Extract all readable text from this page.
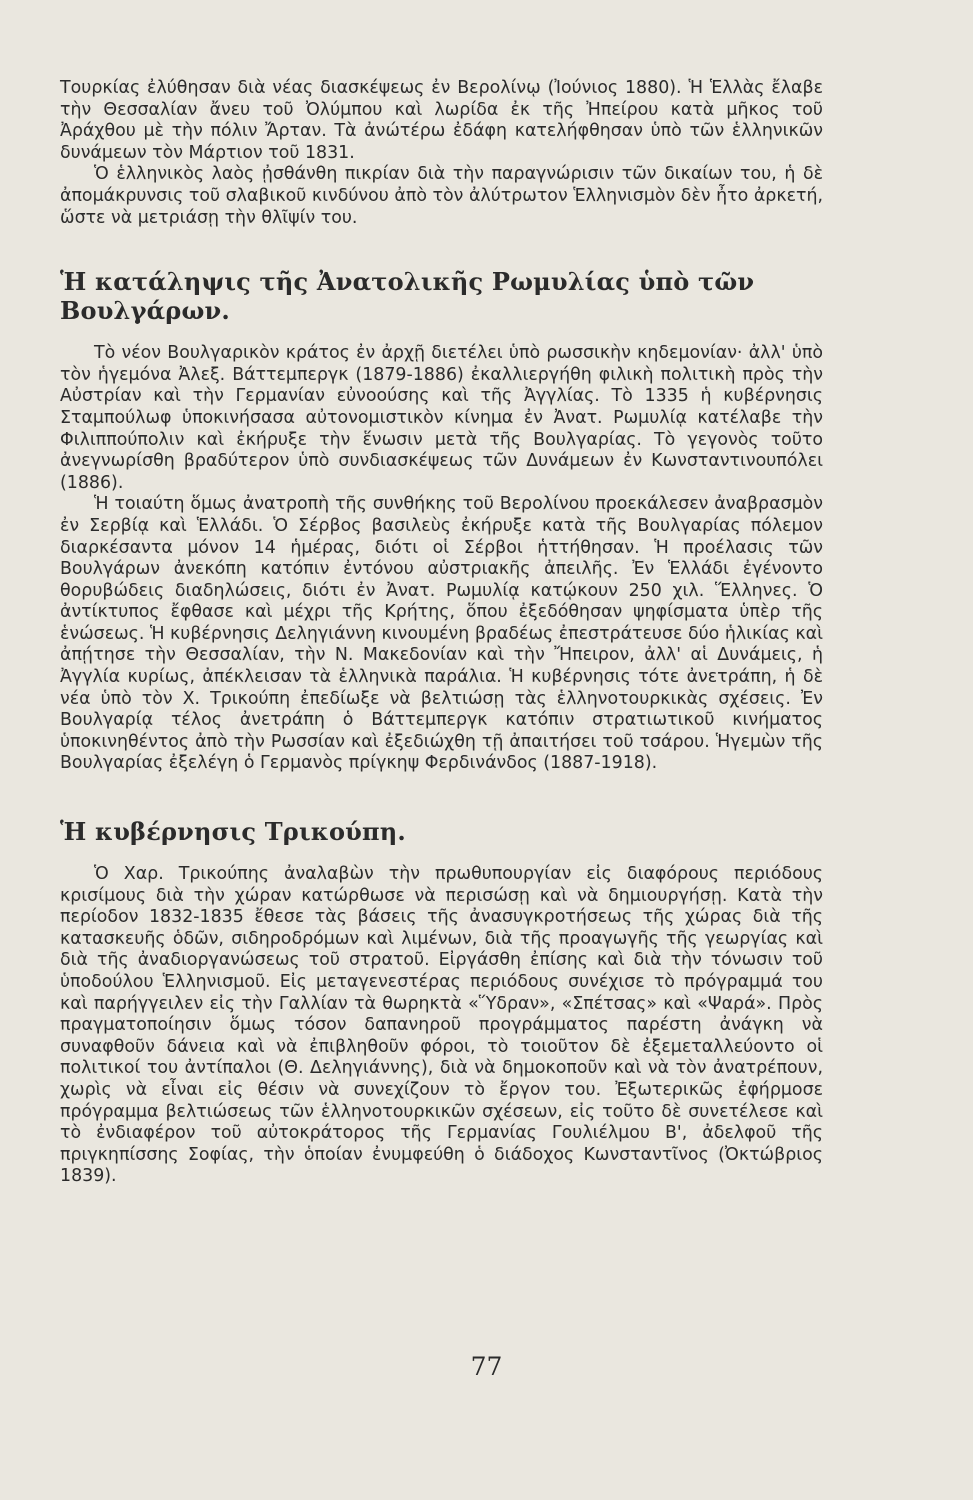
Τουρκίας ἐλύθησαν διὰ νέας διασκέψεως ἐν Βερολίνῳ (Ἰούνιος 1880). Ἡ Ἑλλὰς ἔλαβε τὴν Θεσσαλίαν ἄνευ τοῦ Ὀλύμπου καὶ λωρίδα ἐκ τῆς Ἠπείρου κατὰ μῆκος τοῦ Ἀράχθου μὲ τὴν πόλιν Ἄρταν. Τὰ ἀνώτέρω ἐδάφη κατελήφθησαν ὑπὸ τῶν ἑλληνικῶν δυνάμεων τὸν Μάρτιον τοῦ 1831.

Ὁ ἑλληνικὸς λαὸς ᾐσθάνθη πικρίαν διὰ τὴν παραγνώρισιν τῶν δικαίων του, ἡ δὲ ἀπομάκρυνσις τοῦ σλαβικοῦ κινδύνου ἀπὸ τὸν ἀλύτρωτον Ἑλληνισμὸν δὲν ἦτο ἀρκετή, ὥστε νὰ μετριάσῃ τὴν θλῖψίν του.

Ἡ κατάληψις τῆς Ἀνατολικῆς Ρωμυλίας ὑπὸ τῶν Βουλγάρων.

Τὸ νέον Βουλγαρικὸν κράτος ἐν ἀρχῇ διετέλει ὑπὸ ρωσσικὴν κηδεμονίαν· ἀλλ' ὑπὸ τὸν ἡγεμόνα Ἀλεξ. Βάττεμπεργκ (1879-1886) ἐκαλλιεργήθη φιλικὴ πολιτικὴ πρὸς τὴν Αὐστρίαν καὶ τὴν Γερμανίαν εὐνοούσης καὶ τῆς Ἀγγλίας. Τὸ 1335 ἡ κυβέρνησις Σταμπούλωφ ὑποκινήσασα αὐτονομιστικὸν κίνημα ἐν Ἀνατ. Ρωμυλίᾳ κατέλαβε τὴν Φιλιππούπολιν καὶ ἐκήρυξε τὴν ἕνωσιν μετὰ τῆς Βουλγαρίας. Τὸ γεγονὸς τοῦτο ἀνεγνωρίσθη βραδύτερον ὑπὸ συνδιασκέψεως τῶν Δυνάμεων ἐν Κωνσταντινουπόλει (1886).

Ἡ τοιαύτη ὅμως ἀνατροπὴ τῆς συνθήκης τοῦ Βερολίνου προεκάλεσεν ἀναβρασμὸν ἐν Σερβίᾳ καὶ Ἑλλάδι. Ὁ Σέρβος βασιλεὺς ἐκήρυξε κατὰ τῆς Βουλγαρίας πόλεμον διαρκέσαντα μόνον 14 ἡμέρας, διότι οἱ Σέρβοι ἡττήθησαν. Ἡ προέλασις τῶν Βουλγάρων ἀνεκόπη κατόπιν ἐντόνου αὐστριακῆς ἀπειλῆς. Ἐν Ἑλλάδι ἐγένοντο θορυβώδεις διαδηλώσεις, διότι ἐν Ἀνατ. Ρωμυλίᾳ κατῴκουν 250 χιλ. Ἕλληνες. Ὁ ἀντίκτυπος ἔφθασε καὶ μέχρι τῆς Κρήτης, ὅπου ἐξεδόθησαν ψηφίσματα ὑπὲρ τῆς ἑνώσεως. Ἡ κυβέρνησις Δεληγιάννη κινουμένη βραδέως ἐπεστράτευσε δύο ἡλικίας καὶ ἀπῄτησε τὴν Θεσσαλίαν, τὴν Ν. Μακεδονίαν καὶ τὴν Ἤπειρον, ἀλλ' αἱ Δυνάμεις, ἡ Ἀγγλία κυρίως, ἀπέκλεισαν τὰ ἑλληνικὰ παράλια. Ἡ κυβέρνησις τότε ἀνετράπη, ἡ δὲ νέα ὑπὸ τὸν Χ. Τρικούπη ἐπεδίωξε νὰ βελτιώσῃ τὰς ἑλληνοτουρκικὰς σχέσεις. Ἐν Βουλγαρίᾳ τέλος ἀνετράπη ὁ Βάττεμπεργκ κατόπιν στρατιωτικοῦ κινήματος ὑποκινηθέντος ἀπὸ τὴν Ρωσσίαν καὶ ἐξεδιώχθη τῇ ἀπαιτήσει τοῦ τσάρου. Ἡγεμὼν τῆς Βουλγαρίας ἐξελέγη ὁ Γερμανὸς πρίγκηψ Φερδινάνδος (1887-1918).

Ἡ κυβέρνησις Τρικούπη.

Ὁ Χαρ. Τρικούπης ἀναλαβὼν τὴν πρωθυπουργίαν εἰς διαφόρους περιόδους κρισίμους διὰ τὴν χώραν κατώρθωσε νὰ περισώσῃ καὶ νὰ δημιουργήσῃ. Κατὰ τὴν περίοδον 1832-1835 ἔθεσε τὰς βάσεις τῆς ἀνασυγκροτήσεως τῆς χώρας διὰ τῆς κατασκευῆς ὁδῶν, σιδηροδρόμων καὶ λιμένων, διὰ τῆς προαγωγῆς τῆς γεωργίας καὶ διὰ τῆς ἀναδιοργανώσεως τοῦ στρατοῦ. Εἰργάσθη ἐπίσης καὶ διὰ τὴν τόνωσιν τοῦ ὑποδούλου Ἑλληνισμοῦ. Εἰς μεταγενεστέρας περιόδους συνέχισε τὸ πρόγραμμά του καὶ παρήγγειλεν εἰς τὴν Γαλλίαν τὰ θωρηκτὰ «Ὕδραν», «Σπέτσας» καὶ «Ψαρά». Πρὸς πραγματοποίησιν ὅμως τόσον δαπανηροῦ προγράμματος παρέστη ἀνάγκη νὰ συναφθοῦν δάνεια καὶ νὰ ἐπιβληθοῦν φόροι, τὸ τοιοῦτον δὲ ἐξεμεταλλεύοντο οἱ πολιτικοί του ἀντίπαλοι (Θ. Δεληγιάννης), διὰ νὰ δημοκοποῦν καὶ νὰ τὸν ἀνατρέπουν, χωρὶς νὰ εἶναι εἰς θέσιν νὰ συνεχίζουν τὸ ἔργον του. Ἐξωτερικῶς ἐφήρμοσε πρόγραμμα βελτιώσεως τῶν ἑλληνοτουρκικῶν σχέσεων, εἰς τοῦτο δὲ συνετέλεσε καὶ τὸ ἐνδιαφέρον τοῦ αὐτοκράτορος τῆς Γερμανίας Γουλιέλμου Β', ἀδελφοῦ τῆς πριγκηπίσσης Σοφίας, τὴν ὁποίαν ἐνυμφεύθη ὁ διάδοχος Κωνσταντῖνος (Ὀκτώβριος 1839).

77
